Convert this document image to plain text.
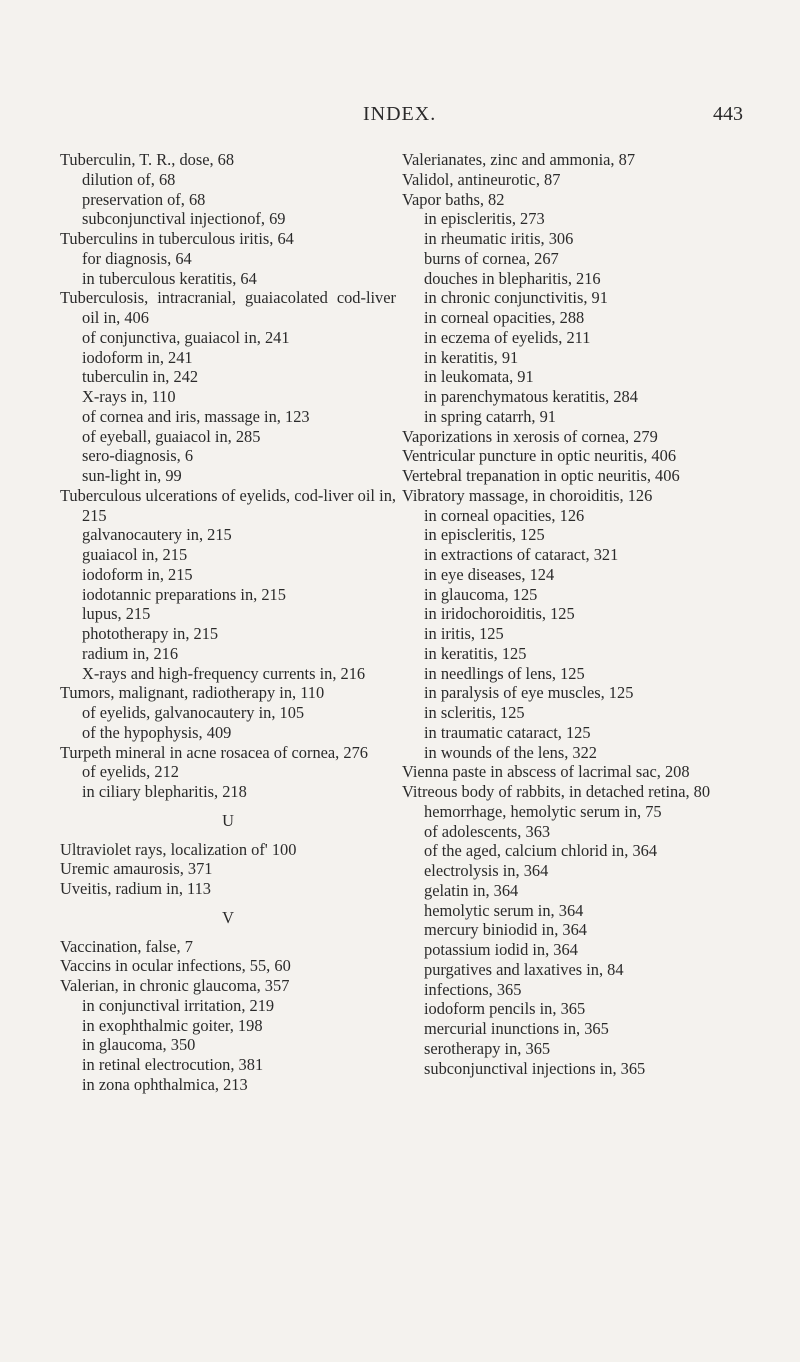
INDEX.	443
Tuberculin, T. R., dose, 68
dilution of, 68
preservation of, 68
subconjunctival injectionof, 69
Tuberculins in tuberculous iritis, 64
for diagnosis, 64
in tuberculous keratitis, 64
Tuberculosis, intracranial, guaiacolated cod-liver oil in, 406
of conjunctiva, guaiacol in, 241
iodoform in, 241
tuberculin in, 242
X-rays in, 110
of cornea and iris, massage in, 123
of eyeball, guaiacol in, 285
sero-diagnosis, 6
sun-light in, 99
Tuberculous ulcerations of eyelids, cod-liver oil in, 215
galvanocautery in, 215
guaiacol in, 215
iodoform in, 215
iodotannic preparations in, 215
lupus, 215
phototherapy in, 215
radium in, 216
X-rays and high-frequency currents in, 216
Tumors, malignant, radiotherapy in, 110
of eyelids, galvanocautery in, 105
of the hypophysis, 409
Turpeth mineral in acne rosacea of cornea, 276
of eyelids, 212
in ciliary blepharitis, 218
U
Ultraviolet rays, localization of' 100
Uremic amaurosis, 371
Uveitis, radium in, 113
V
Vaccination, false, 7
Vaccins in ocular infections, 55, 60
Valerian, in chronic glaucoma, 357
in conjunctival irritation, 219
in exophthalmic goiter, 198
in glaucoma, 350
in retinal electrocution, 381
in zona ophthalmica, 213
Valerianates, zinc and ammonia, 87
Validol, antineurotic, 87
Vapor baths, 82
in episcleritis, 273
in rheumatic iritis, 306
burns of cornea, 267
douches in blepharitis, 216
in chronic conjunctivitis, 91
in corneal opacities, 288
in eczema of eyelids, 211
in keratitis, 91
in leukomata, 91
in parenchymatous keratitis, 284
in spring catarrh, 91
Vaporizations in xerosis of cornea, 279
Ventricular puncture in optic neuritis, 406
Vertebral trepanation in optic neuritis, 406
Vibratory massage, in choroiditis, 126
in corneal opacities, 126
in episcleritis, 125
in extractions of cataract, 321
in eye diseases, 124
in glaucoma, 125
in iridochoroiditis, 125
in iritis, 125
in keratitis, 125
in needlings of lens, 125
in paralysis of eye muscles, 125
in scleritis, 125
in traumatic cataract, 125
in wounds of the lens, 322
Vienna paste in abscess of lacrimal sac, 208
Vitreous body of rabbits, in detached retina, 80
hemorrhage, hemolytic serum in, 75
of adolescents, 363
of the aged, calcium chlorid in, 364
electrolysis in, 364
gelatin in, 364
hemolytic serum in, 364
mercury biniodid in, 364
potassium iodid in, 364
purgatives and laxatives in, 84
infections, 365
iodoform pencils in, 365
mercurial inunctions in, 365
serotherapy in, 365
subconjunctival injections in, 365
